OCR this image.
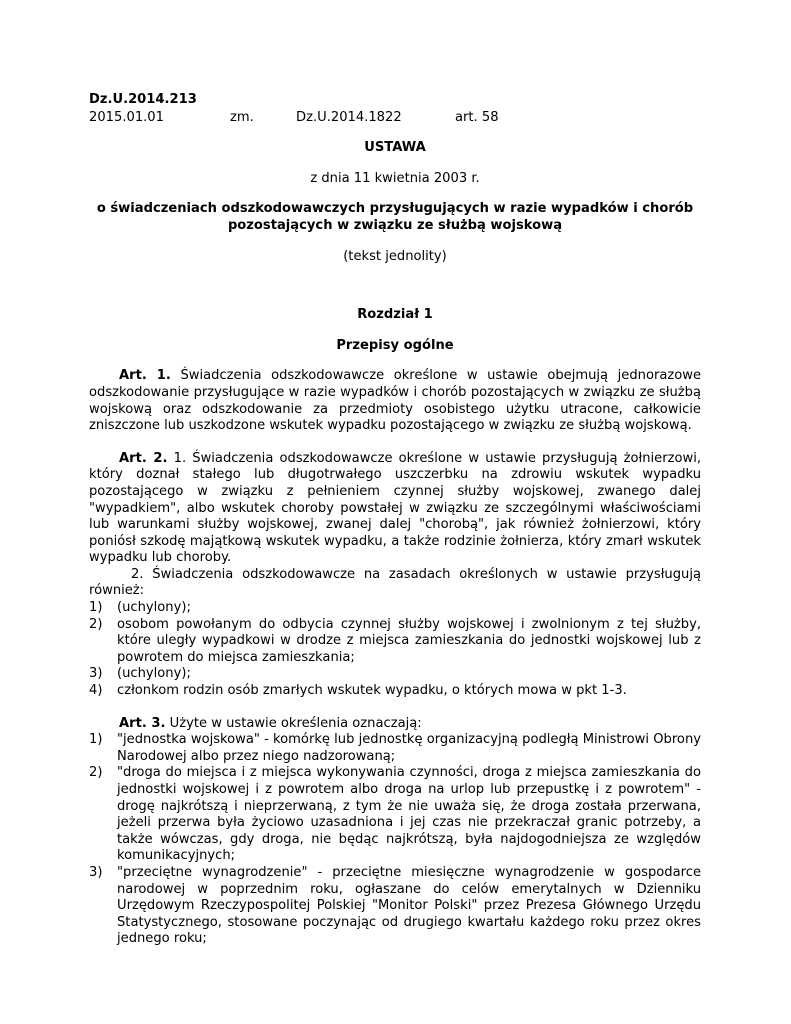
Dz.U.2014.213
2015.01.01	zm.	Dz.U.2014.1822	art. 58
USTAWA
z dnia 11 kwietnia 2003 r.
o świadczeniach odszkodowawczych przysługujących w razie wypadków i chorób pozostających w związku ze służbą wojskową
(tekst jednolity)
Rozdział 1
Przepisy ogólne

Art. 1. Świadczenia odszkodowawcze określone w ustawie obejmują jednorazowe odszkodowanie przysługujące w razie wypadków i chorób pozostających w związku ze służbą wojskową oraz odszkodowanie za przedmioty osobistego użytku utracone, całkowicie zniszczone lub uszkodzone wskutek wypadku pozostającego w związku ze służbą wojskową.

Art. 2. 1. Świadczenia odszkodowawcze określone w ustawie przysługują żołnierzowi, który doznał stałego lub długotrwałego uszczerbku na zdrowiu wskutek wypadku pozostającego w związku z pełnieniem czynnej służby wojskowej, zwanego dalej "wypadkiem", albo wskutek choroby powstałej w związku ze szczególnymi właściwościami lub warunkami służby wojskowej, zwanej dalej "chorobą", jak również żołnierzowi, który poniósł szkodę majątkową wskutek wypadku, a także rodzinie żołnierza, który zmarł wskutek wypadku lub choroby.

2. Świadczenia odszkodowawcze na zasadach określonych w ustawie przysługują również:

1) (uchylony);
2) osobom powołanym do odbycia czynnej służby wojskowej i zwolnionym z tej służby, które uległy wypadkowi w drodze z miejsca zamieszkania do jednostki wojskowej lub z powrotem do miejsca zamieszkania;
3) (uchylony);
4) członkom rodzin osób zmarłych wskutek wypadku, o których mowa w pkt 1-3.

Art. 3. Użyte w ustawie określenia oznaczają:

1) "jednostka wojskowa" - komórkę lub jednostkę organizacyjną podległą Ministrowi Obrony Narodowej albo przez niego nadzorowaną;
2) "droga do miejsca i z miejsca wykonywania czynności, droga z miejsca zamieszkania do jednostki wojskowej i z powrotem albo droga na urlop lub przepustkę i z powrotem" - drogę najkrótszą i nieprzerwaną, z tym że nie uważa się, że droga została przerwana, jeżeli przerwa była życiowo uzasadniona i jej czas nie przekraczał granic potrzeby, a także wówczas, gdy droga, nie będąc najkrótszą, była najdogodniejsza ze względów komunikacyjnych;
3) "przeciętne wynagrodzenie" - przeciętne miesięczne wynagrodzenie w gospodarce narodowej w poprzednim roku, ogłaszane do celów emerytalnych w Dzienniku Urzędowym Rzeczypospolitej Polskiej "Monitor Polski" przez Prezesa Głównego Urzędu Statystycznego, stosowane poczynając od drugiego kwartału każdego roku przez okres jednego roku;
